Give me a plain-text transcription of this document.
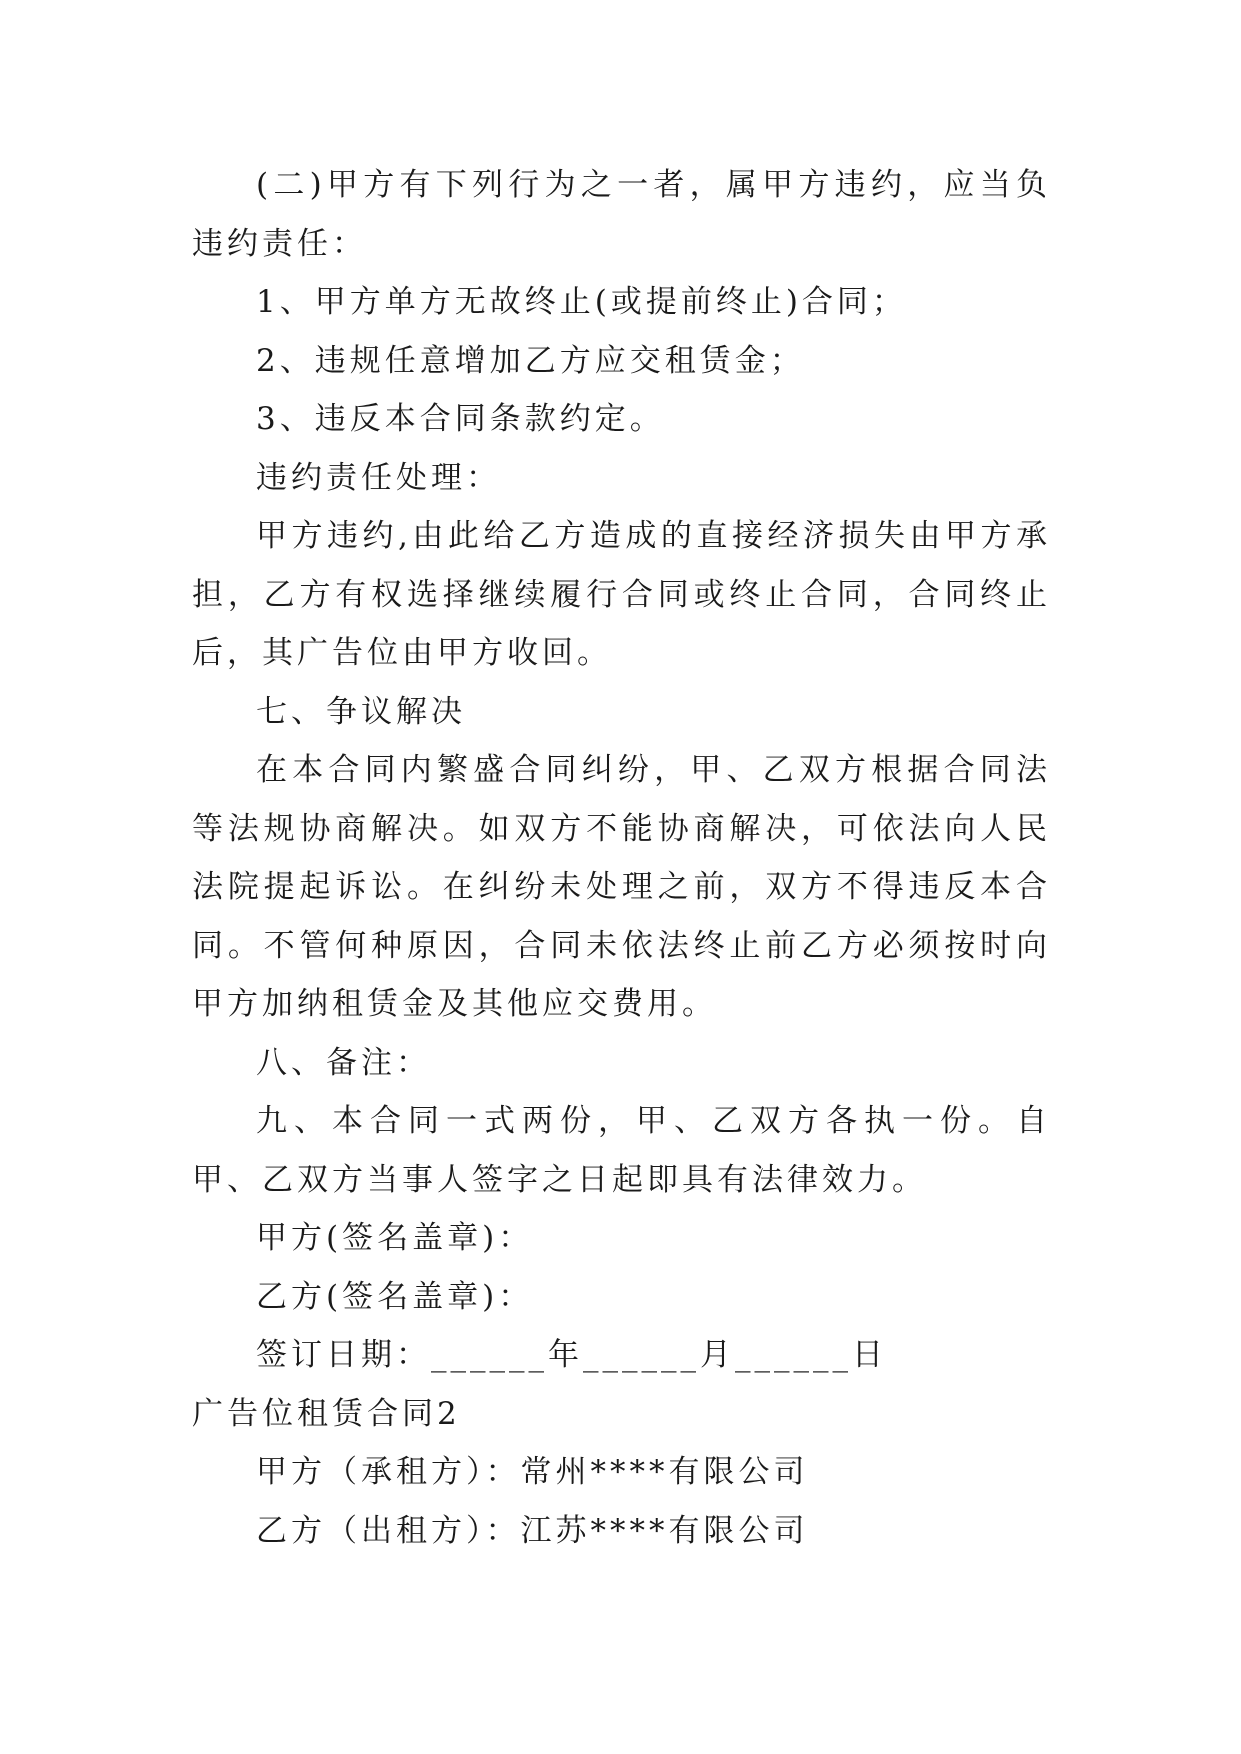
(二)甲方有下列行为之一者，属甲方违约，应当负违约责任：

1、甲方单方无故终止(或提前终止)合同；

2、违规任意增加乙方应交租赁金；

3、违反本合同条款约定。

违约责任处理：

甲方违约,由此给乙方造成的直接经济损失由甲方承担，乙方有权选择继续履行合同或终止合同，合同终止后，其广告位由甲方收回。

七、争议解决

在本合同内繁盛合同纠纷，甲、乙双方根据合同法等法规协商解决。如双方不能协商解决，可依法向人民法院提起诉讼。在纠纷未处理之前，双方不得违反本合同。不管何种原因，合同未依法终止前乙方必须按时向甲方加纳租赁金及其他应交费用。

八、备注：

九、本合同一式两份，甲、乙双方各执一份。自甲、乙双方当事人签字之日起即具有法律效力。

甲方(签名盖章)：

乙方(签名盖章)：

签订日期：______年______月______日

广告位租赁合同2

甲方（承租方）：常州****有限公司

乙方（出租方）：江苏****有限公司
